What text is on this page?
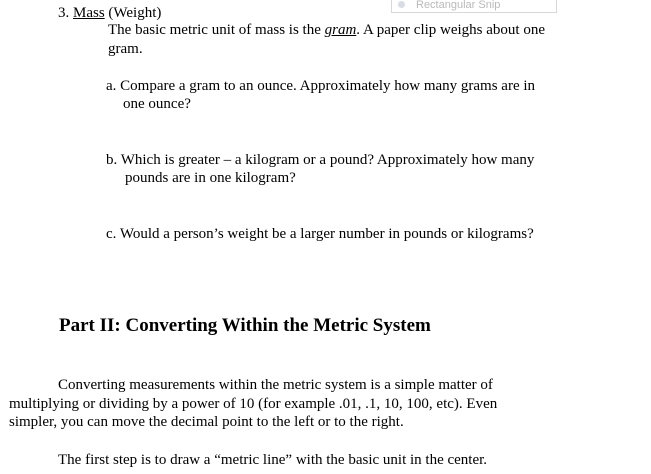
Rectangular Snip
3. Mass (Weight)
The basic metric unit of mass is the gram. A paper clip weighs about one
gram.
a. Compare a gram to an ounce. Approximately how many grams are in
one ounce?
b. Which is greater – a kilogram or a pound? Approximately how many
pounds are in one kilogram?
c. Would a person’s weight be a larger number in pounds or kilograms?
Part II: Converting Within the Metric System
Converting measurements within the metric system is a simple matter of
multiplying or dividing by a power of 10 (for example .01, .1, 10, 100, etc). Even
simpler, you can move the decimal point to the left or to the right.
The first step is to draw a “metric line” with the basic unit in the center.
